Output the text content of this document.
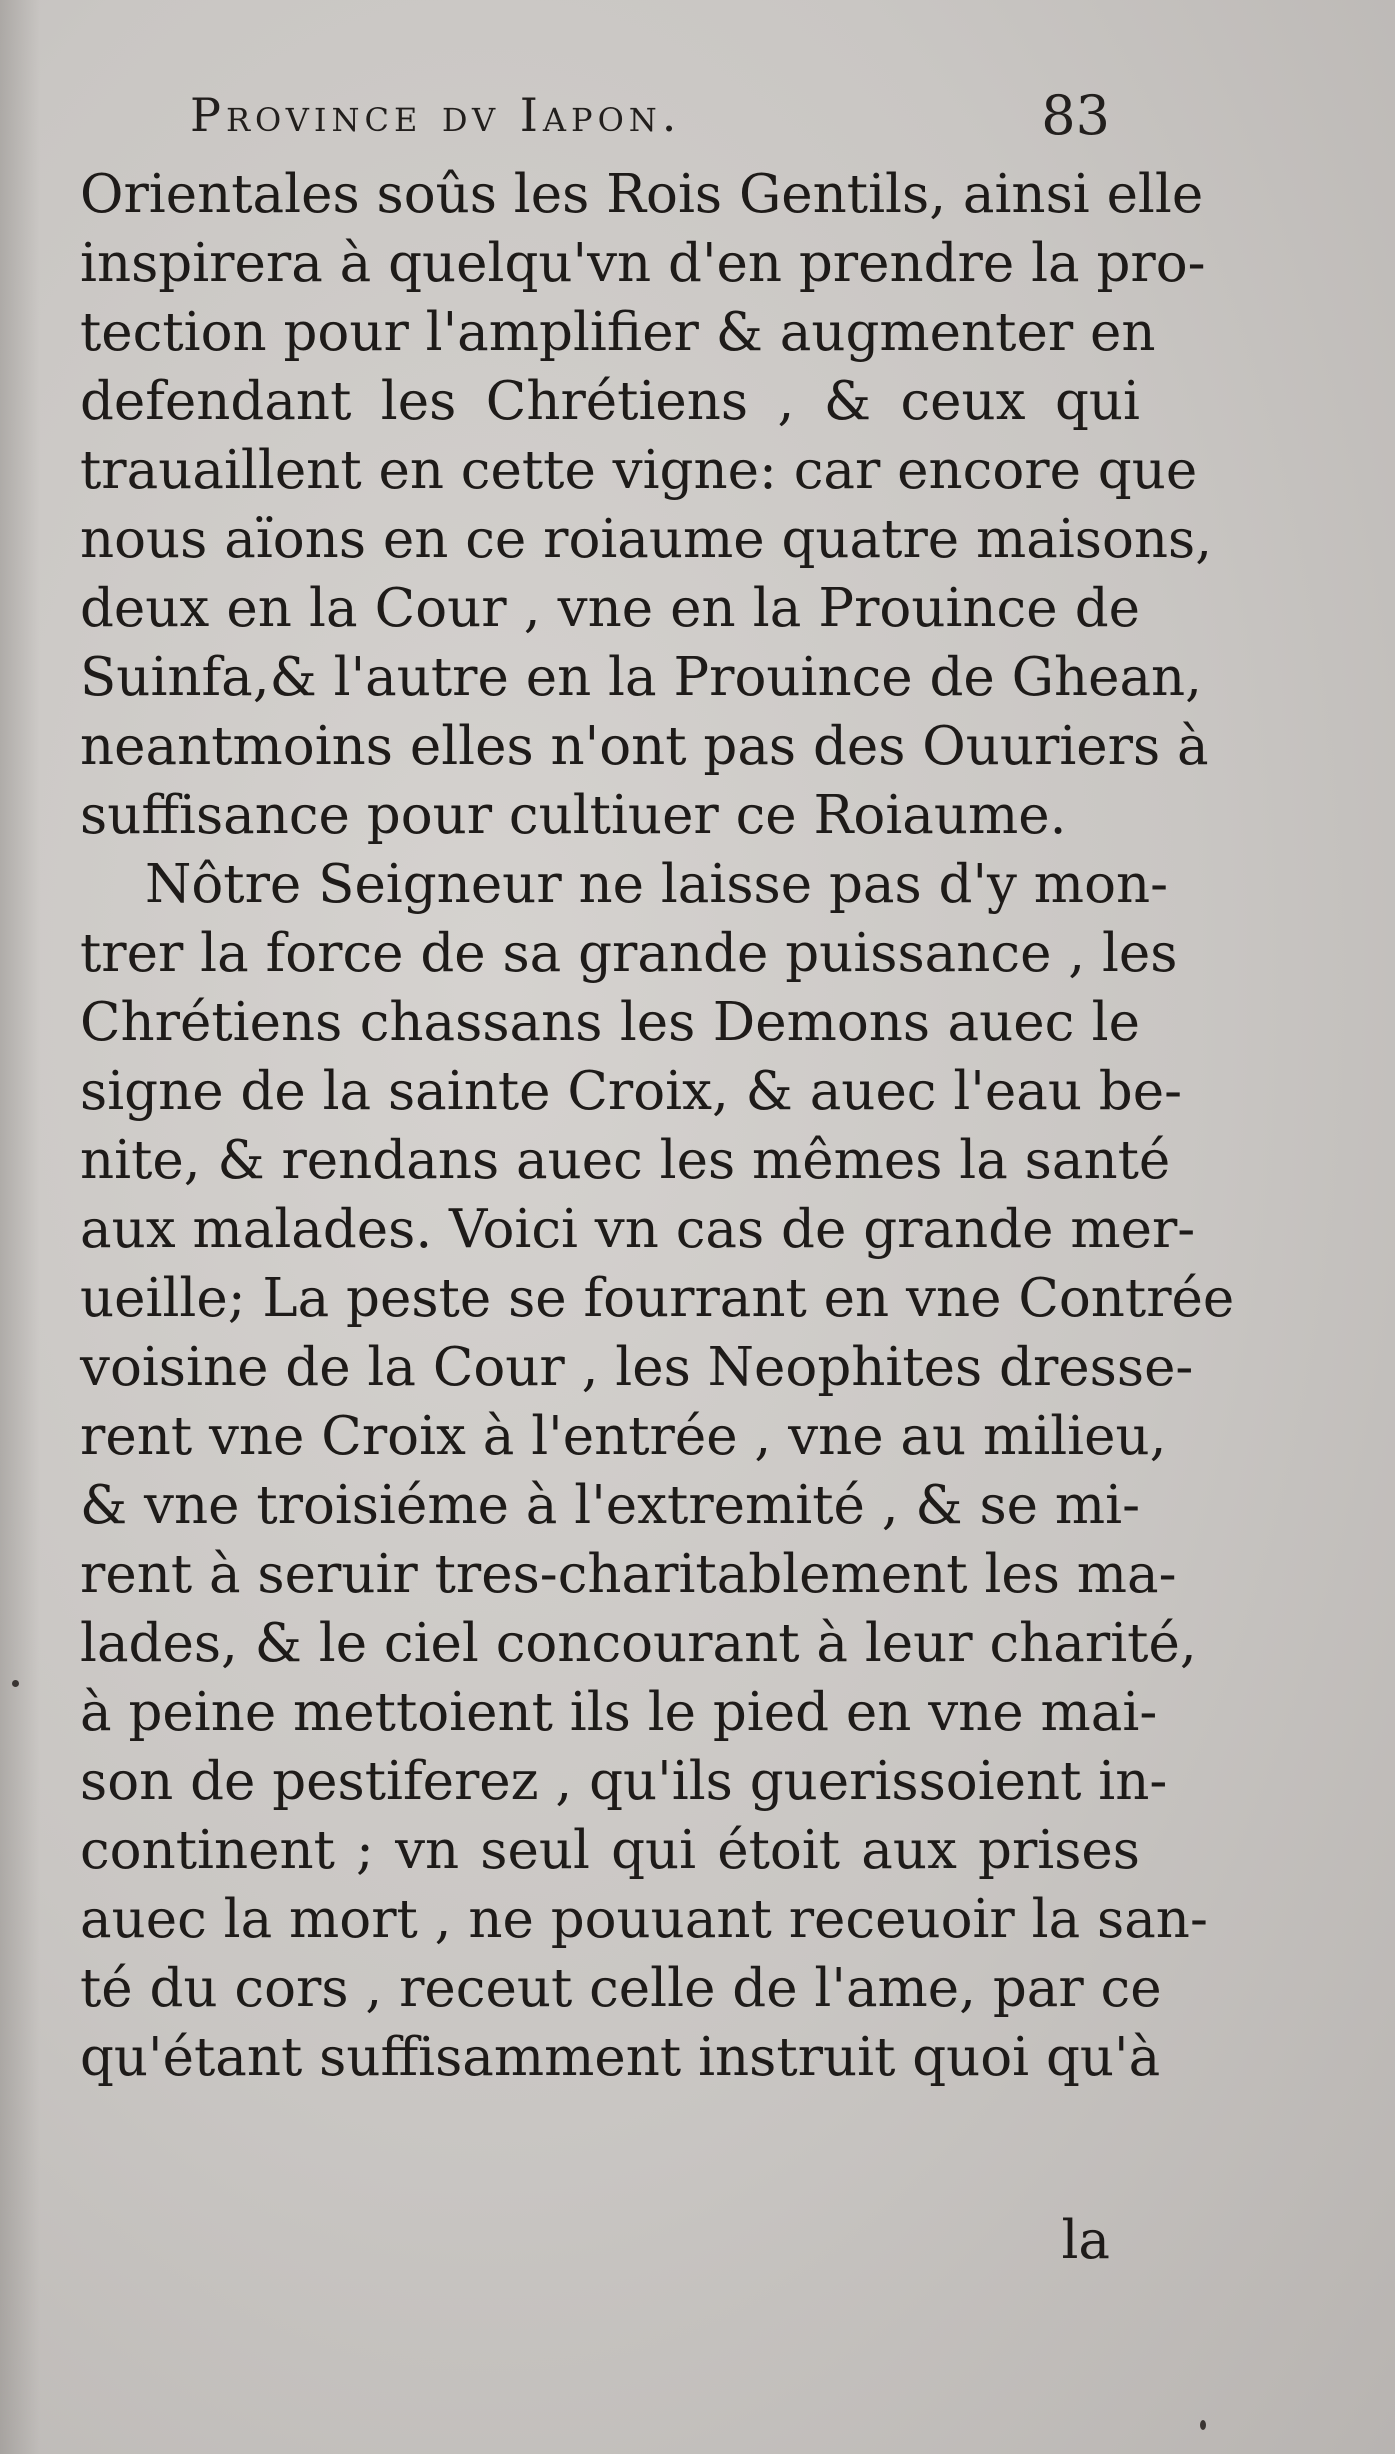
Province dv Iapon.	83
Orientales soûs les Rois Gentils, ainsi elle
inspirera à quelqu'vn d'en prendre la pro-
tection pour l'amplifier & augmenter en
defendant les Chrétiens , & ceux qui
trauaillent en cette vigne: car encore que
nous aïons en ce roiaume quatre maisons,
deux en la Cour , vne en la Prouince de
Suinfa,& l'autre en la Prouince de Ghean,
neantmoins elles n'ont pas des Ouuriers à
suffisance pour cultiuer ce Roiaume.
Nôtre Seigneur ne laisse pas d'y mon-
trer la force de sa grande puissance , les
Chrétiens chassans les Demons auec le
signe de la sainte Croix, & auec l'eau be-
nite, & rendans auec les mêmes la santé
aux malades. Voici vn cas de grande mer-
ueille; La peste se fourrant en vne Contrée
voisine de la Cour , les Neophites dresse-
rent vne Croix à l'entrée , vne au milieu,
& vne troisiéme à l'extremité , & se mi-
rent à seruir tres-charitablement les ma-
lades, & le ciel concourant à leur charité,
à peine mettoient ils le pied en vne mai-
son de pestiferez , qu'ils guerissoient in-
continent ; vn seul qui étoit aux prises
auec la mort , ne pouuant receuoir la san-
té du cors , receut celle de l'ame, par ce
qu'étant suffisamment instruit quoi qu'à
la
